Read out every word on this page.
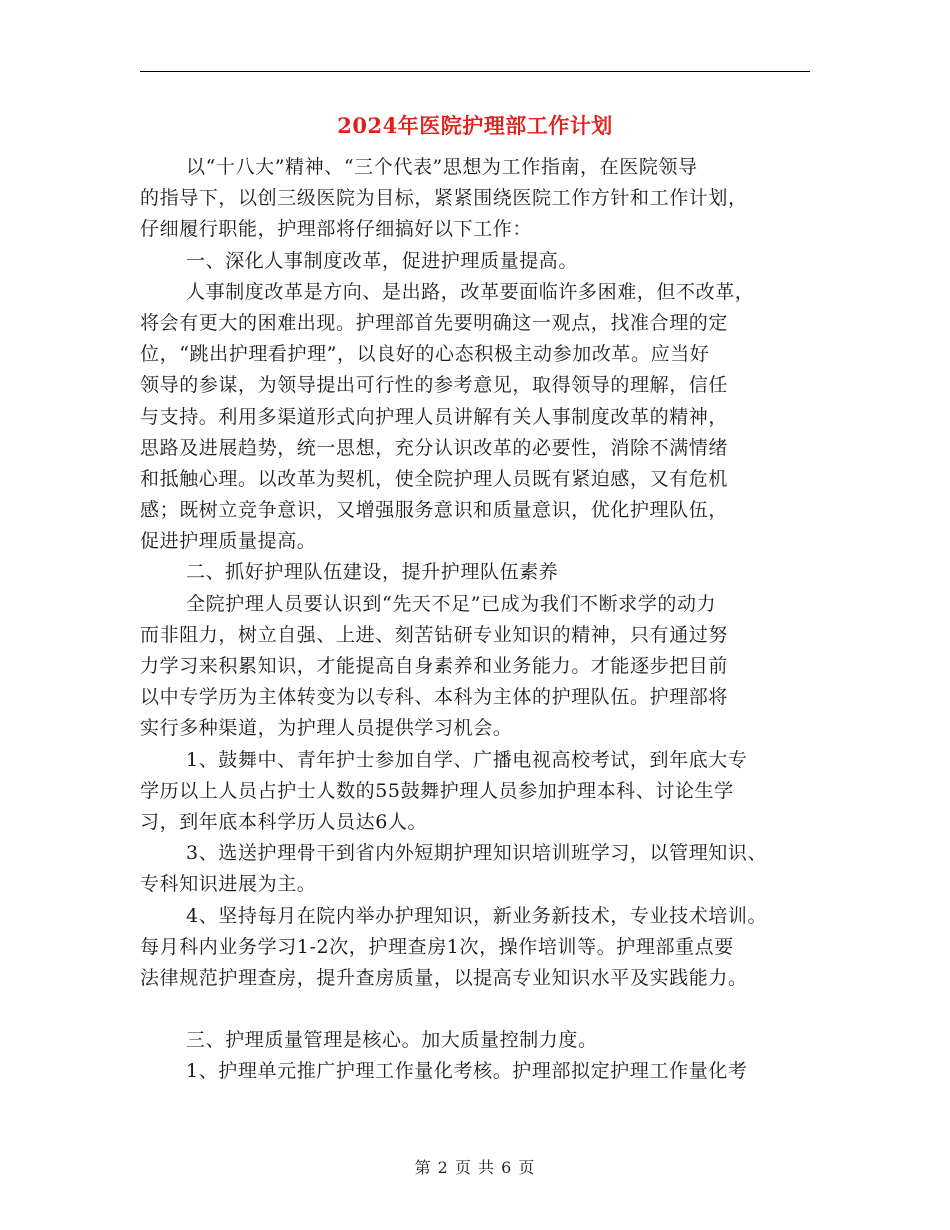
2024年医院护理部工作计划
以“十八大”精神、“三个代表”思想为工作指南，在医院领导
的指导下，以创三级医院为目标，紧紧围绕医院工作方针和工作计划，
仔细履行职能，护理部将仔细搞好以下工作：
一、深化人事制度改革，促进护理质量提高。
人事制度改革是方向、是出路，改革要面临许多困难，但不改革，
将会有更大的困难出现。护理部首先要明确这一观点，找准合理的定
位，“跳出护理看护理”，以良好的心态积极主动参加改革。应当好
领导的参谋，为领导提出可行性的参考意见，取得领导的理解，信任
与支持。利用多渠道形式向护理人员讲解有关人事制度改革的精神，
思路及进展趋势，统一思想，充分认识改革的必要性，消除不满情绪
和抵触心理。以改革为契机，使全院护理人员既有紧迫感，又有危机
感；既树立竞争意识，又增强服务意识和质量意识，优化护理队伍，
促进护理质量提高。
二、抓好护理队伍建设，提升护理队伍素养
全院护理人员要认识到“先天不足”已成为我们不断求学的动力
而非阻力，树立自强、上进、刻苦钻研专业知识的精神，只有通过努
力学习来积累知识，才能提高自身素养和业务能力。才能逐步把目前
以中专学历为主体转变为以专科、本科为主体的护理队伍。护理部将
实行多种渠道，为护理人员提供学习机会。
1、鼓舞中、青年护士参加自学、广播电视高校考试，到年底大专
学历以上人员占护士人数的55鼓舞护理人员参加护理本科、讨论生学
习，到年底本科学历人员达6人。
3、选送护理骨干到省内外短期护理知识培训班学习，以管理知识、
专科知识进展为主。
4、坚持每月在院内举办护理知识，新业务新技术，专业技术培训。
每月科内业务学习1-2次，护理查房1次，操作培训等。护理部重点要
法律规范护理查房，提升查房质量，以提高专业知识水平及实践能力。
三、护理质量管理是核心。加大质量控制力度。
1、护理单元推广护理工作量化考核。护理部拟定护理工作量化考
第 2 页 共 6 页
